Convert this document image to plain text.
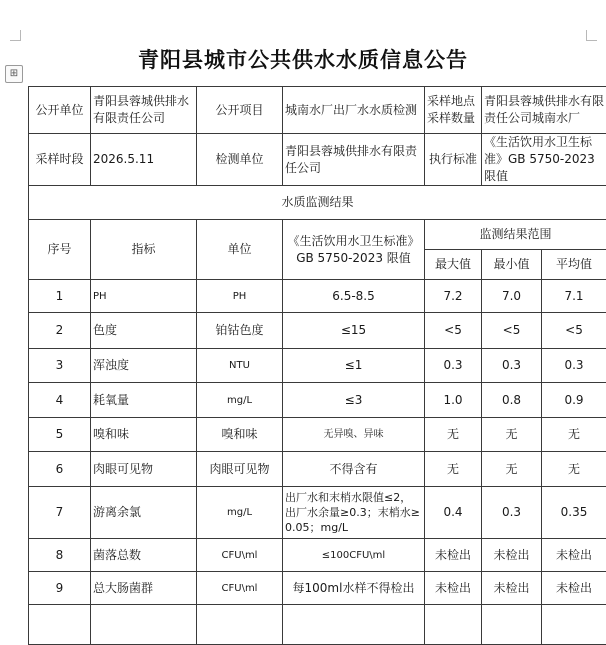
⊞
青阳县城市公共供水水质信息公告
公开单位	青阳县蓉城供排水有限责任公司	公开项目	城南水厂出厂水水质检测	采样地点采样数量	青阳县蓉城供排水有限责任公司城南水厂	
采样时段	2026.5.11	检测单位	青阳县蓉城供排水有限责任公司	执行标准	《生活饮用水卫生标准》GB 5750-2023 限值	
水质监测结果						
序号	指标	单位	《生活饮用水卫生标准》GB 5750-2023 限值	监测结果范围		
				最大值	最小值	平均值
1	PH	PH	6.5-8.5	7.2	7.0	7.1
2	色度	铂钴色度	≤15	<5	<5	<5
3	浑浊度	NTU	≤1	0.3	0.3	0.3
4	耗氧量	mg/L	≤3	1.0	0.8	0.9
5	嗅和味	嗅和味	无异嗅、异味	无	无	无
6	肉眼可见物	肉眼可见物	不得含有	无	无	无
7	游离余氯	mg/L	出厂水和末梢水限值≤2，出厂水余量≥0.3；末梢水≥0.05；mg/L	0.4	0.3	0.35
8	菌落总数	CFU\ml	≤100CFU\ml	未检出	未检出	未检出
9	总大肠菌群	CFU\ml	每100ml水样不得检出	未检出	未检出	未检出
